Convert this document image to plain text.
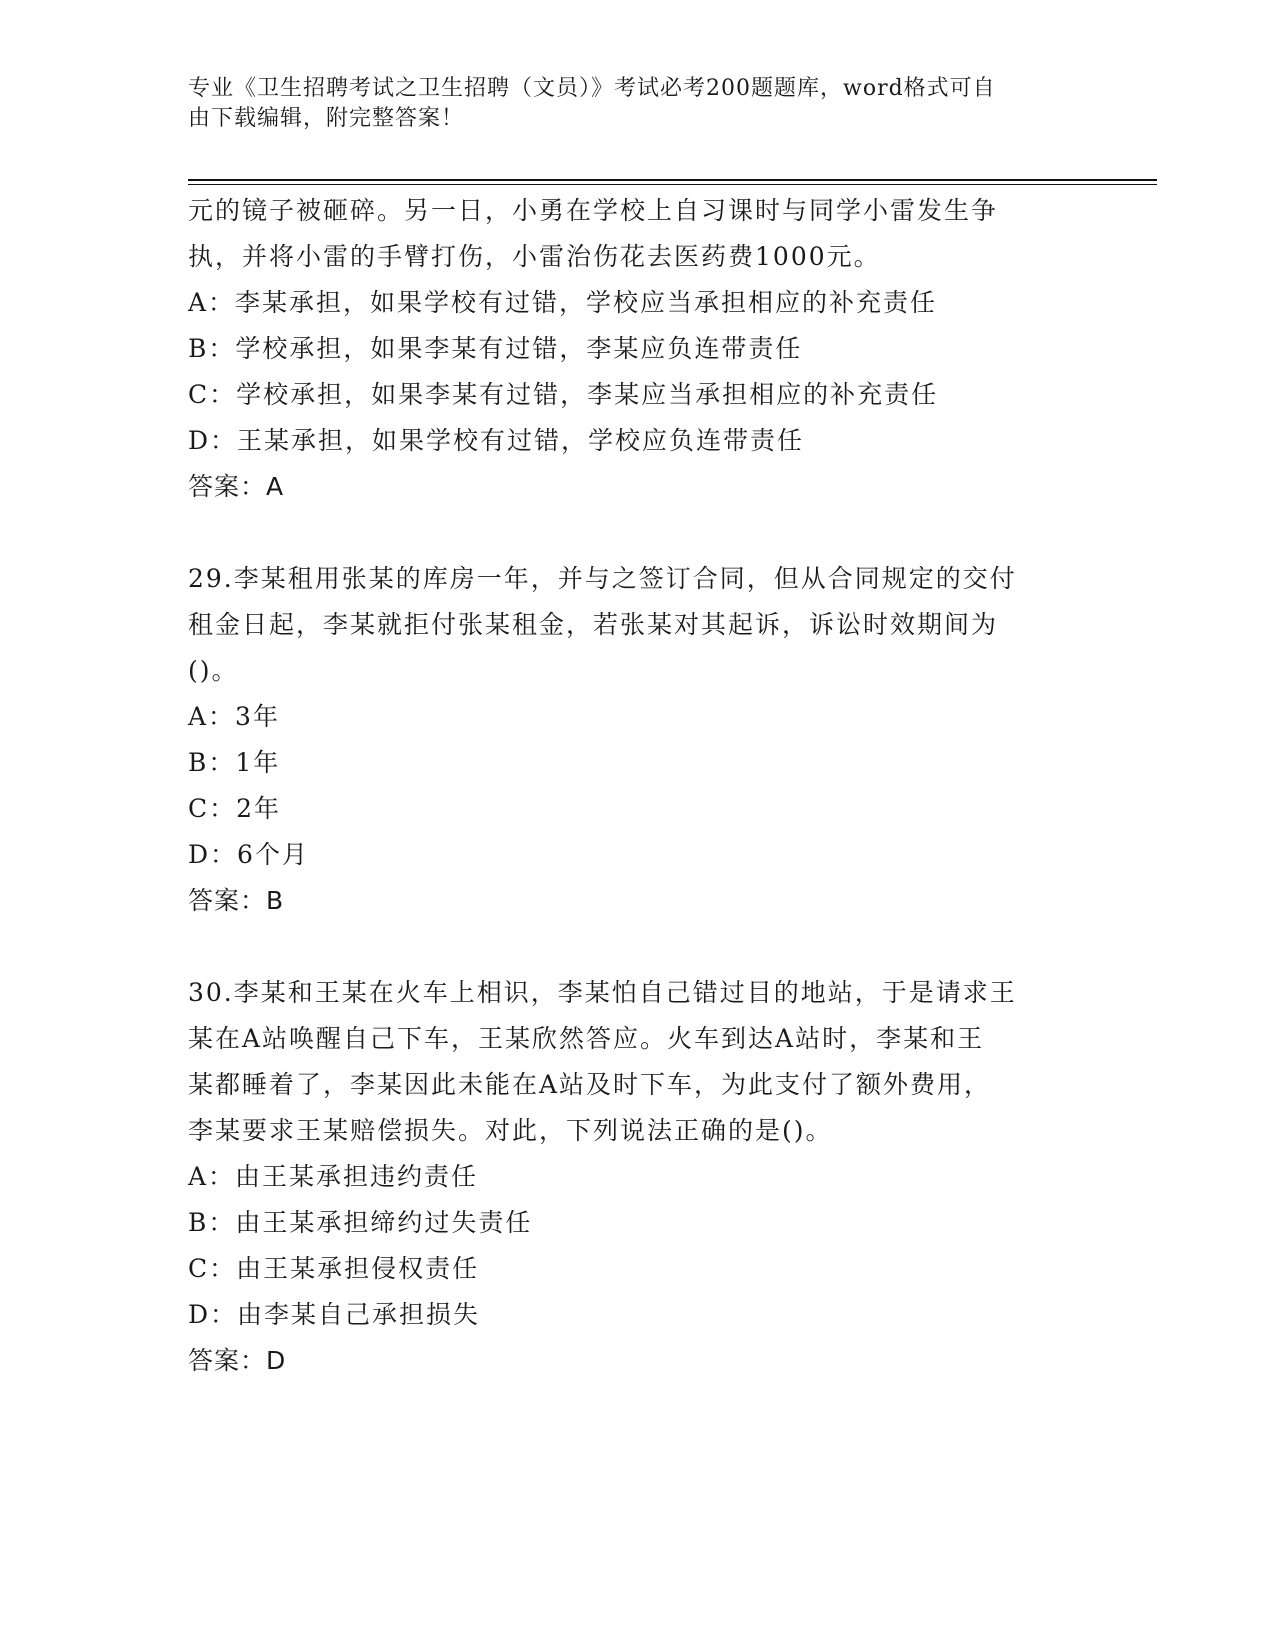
专业《卫生招聘考试之卫生招聘（文员）》考试必考200题题库，word格式可自
由下载编辑，附完整答案！
元的镜子被砸碎。另一日，小勇在学校上自习课时与同学小雷发生争
执，并将小雷的手臂打伤，小雷治伤花去医药费1000元。
A：李某承担，如果学校有过错，学校应当承担相应的补充责任
B：学校承担，如果李某有过错，李某应负连带责任
C：学校承担，如果李某有过错，李某应当承担相应的补充责任
D：王某承担，如果学校有过错，学校应负连带责任
答案：A
29.李某租用张某的库房一年，并与之签订合同，但从合同规定的交付
租金日起，李某就拒付张某租金，若张某对其起诉，诉讼时效期间为
()。
A：3年
B：1年
C：2年
D：6个月
答案：B
30.李某和王某在火车上相识，李某怕自己错过目的地站，于是请求王
某在A站唤醒自己下车，王某欣然答应。火车到达A站时，李某和王
某都睡着了，李某因此未能在A站及时下车，为此支付了额外费用，
李某要求王某赔偿损失。对此，下列说法正确的是()。
A：由王某承担违约责任
B：由王某承担缔约过失责任
C：由王某承担侵权责任
D：由李某自己承担损失
答案：D
